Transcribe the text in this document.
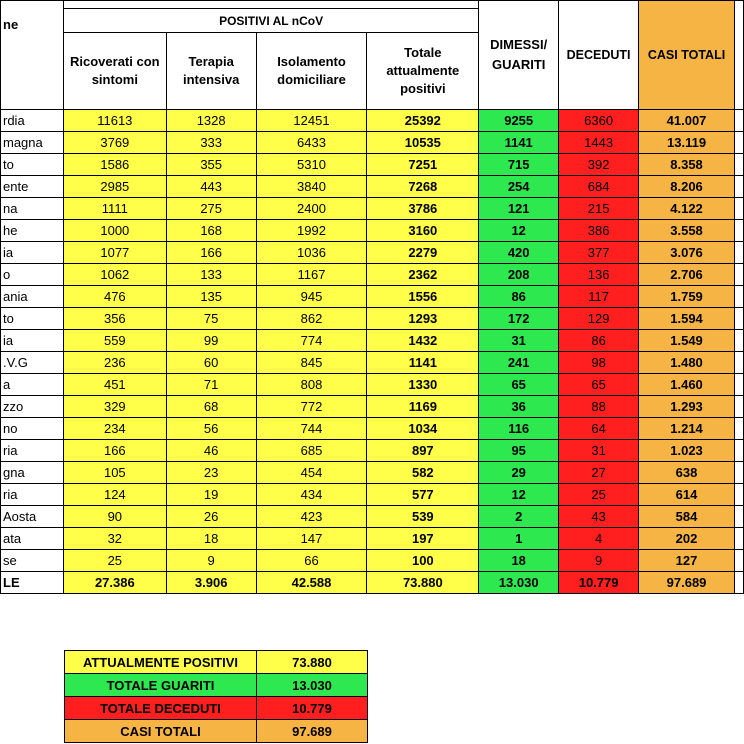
ne					DIMESSI/ GUARITI	DECEDUTI	CASI TOTALI	
	POSITIVI AL nCoV							
	Ricoverati con sintomi	Terapia intensiva	Isolamento domiciliare	Totale attualmente positivi				
rdia	11613	1328	12451	25392	9255	6360	41.007	
magna	3769	333	6433	10535	1141	1443	13.119	
to	1586	355	5310	7251	715	392	8.358	
ente	2985	443	3840	7268	254	684	8.206	
na	1111	275	2400	3786	121	215	4.122	
he	1000	168	1992	3160	12	386	3.558	
ia	1077	166	1036	2279	420	377	3.076	
o	1062	133	1167	2362	208	136	2.706	
ania	476	135	945	1556	86	117	1.759	
to	356	75	862	1293	172	129	1.594	
ia	559	99	774	1432	31	86	1.549	
V.G.	236	60	845	1141	241	98	1.480	
a	451	71	808	1330	65	65	1.460	
zzo	329	68	772	1169	36	88	1.293	
no	234	56	744	1034	116	64	1.214	
ria	166	46	685	897	95	31	1.023	
gna	105	23	454	582	29	27	638	
ria	124	19	434	577	12	25	614	
Aosta	90	26	423	539	2	43	584	
ata	32	18	147	197	1	4	202	
se	25	9	66	100	18	9	127	
LE	27.386	3.906	42.588	73.880	13.030	10.779	97.689	
ATTUALMENTE POSITIVI	73.880
TOTALE GUARITI	13.030
TOTALE DECEDUTI	10.779
CASI TOTALI	97.689
